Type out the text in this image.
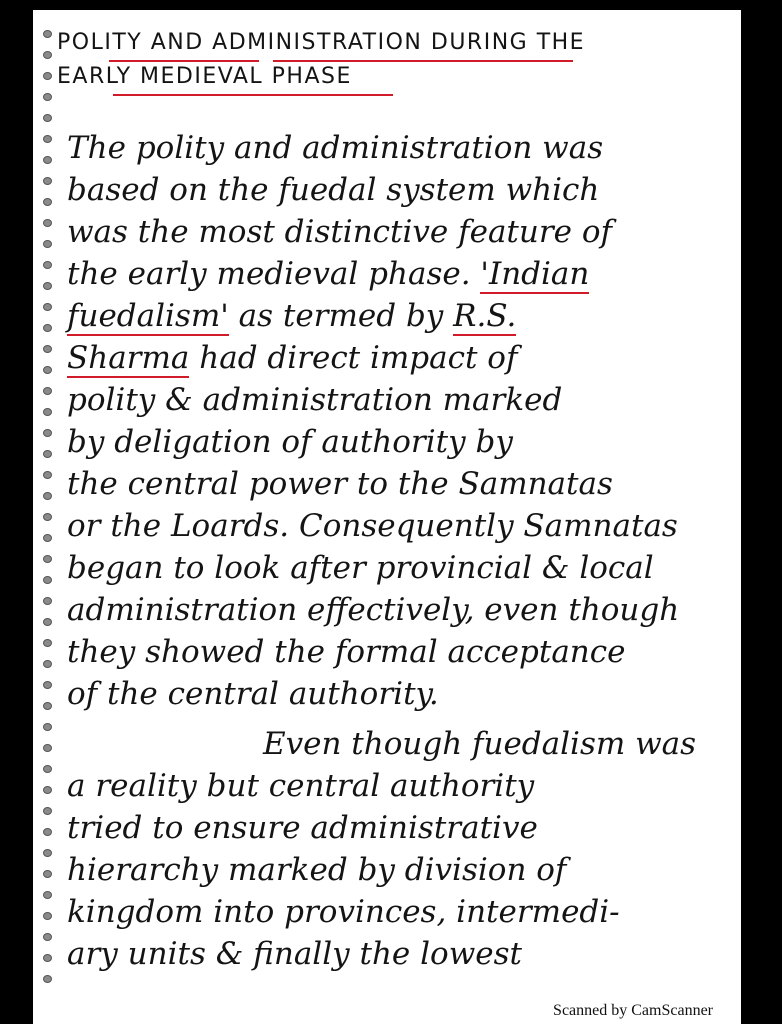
POLITY AND ADMINISTRATION DURING THE
EARLY MEDIEVAL PHASE
The polity and administration was
based on the fuedal system which
was the most distinctive feature of
the early medieval phase. 'Indian
fuedalism' as termed by R.S.
Sharma had direct impact of
polity & administration marked
by deligation of authority by
the central power to the Samnatas
or the Loards. Consequently Samnatas
began to look after provincial & local
administration effectively, even though
they showed the formal acceptance
of the central authority.
Even though fuedalism was
a reality but central authority
tried to ensure administrative
hierarchy marked by division of
kingdom into provinces, intermedi-
ary units & finally the lowest
Scanned by CamScanner
